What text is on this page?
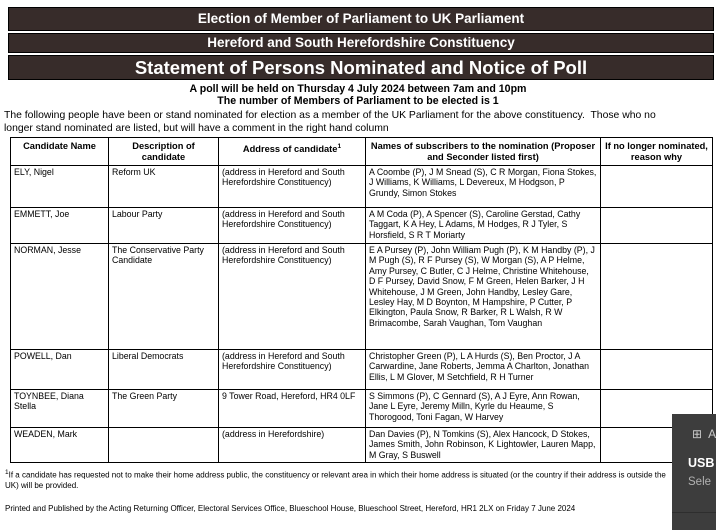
Election of Member of Parliament to UK Parliament
Hereford and South Herefordshire Constituency
Statement of Persons Nominated and Notice of Poll
A poll will be held on Thursday 4 July 2024 between 7am and 10pm
The number of Members of Parliament to be elected is 1
The following people have been or stand nominated for election as a member of the UK Parliament for the above constituency.  Those who no
longer stand nominated are listed, but will have a comment in the right hand column
Candidate Name	Description of candidate	Address of candidate$^1$	Names of subscribers to the nomination (Proposer and Seconder listed first)	If no longer nominated, reason why
ELY, Nigel	Reform UK	(address in Hereford and South Herefordshire Constituency)	A Coombe (P), J M Snead (S), C R Morgan, Fiona Stokes, J Williams, K Williams, L Devereux, M Hodgson, P Grundy, Simon Stokes	
EMMETT, Joe	Labour Party	(address in Hereford and South Herefordshire Constituency)	A M Coda (P), A Spencer (S), Caroline Gerstad, Cathy Taggart, K A Hey, L Adams, M Hodges, R J Tyler, S Horsfield, S R T Moriarty	
NORMAN, Jesse	The Conservative Party Candidate	(address in Hereford and South Herefordshire Constituency)	E A Pursey (P), John William Pugh (P), K M Handby (P), J M Pugh (S), R F Pursey (S), W Morgan (S), A P Helme, Amy Pursey, C Butler, C J Helme, Christine Whitehouse, D F Pursey, David Snow, F M Green, Helen Barker, J H Whitehouse, J M Green, John Handby, Lesley Gare, Lesley Hay, M D Boynton, M Hampshire, P Cutter, P Elkington, Paula Snow, R Barker, R L Walsh, R W Brimacombe, Sarah Vaughan, Tom Vaughan	
POWELL, Dan	Liberal Democrats	(address in Hereford and South Herefordshire Constituency)	Christopher Green (P), L A Hurds (S), Ben Proctor, J A Carwardine, Jane Roberts, Jemma A Charlton, Jonathan Ellis, L M Glover, M Setchfield, R H Turner	
TOYNBEE, Diana Stella	The Green Party	9 Tower Road, Hereford, HR4 0LF	S Simmons (P), C Gennard (S), A J Eyre, Ann Rowan, Jane L Eyre, Jeremy Milln, Kyrle du Heaume, S Thorogood, Toni Fagan, W Harvey	
WEADEN, Mark		(address in Herefordshire)	Dan Davies (P), N Tomkins (S), Alex Hancock, D Stokes, James Smith, John Robinson, K Lightowler, Lauren Mapp, M Gray, S Buswell	
$^1$If a candidate has requested not to make their home address public, the constituency or relevant area in which their home address is situated (or the country if their address is outside the
UK) will be provided.
Printed and Published by the Acting Returning Officer, Electoral Services Office, Blueschool House, Blueschool Street, Hereford, HR1 2LX on Friday 7 June 2024
⊞A
USB
Sele
